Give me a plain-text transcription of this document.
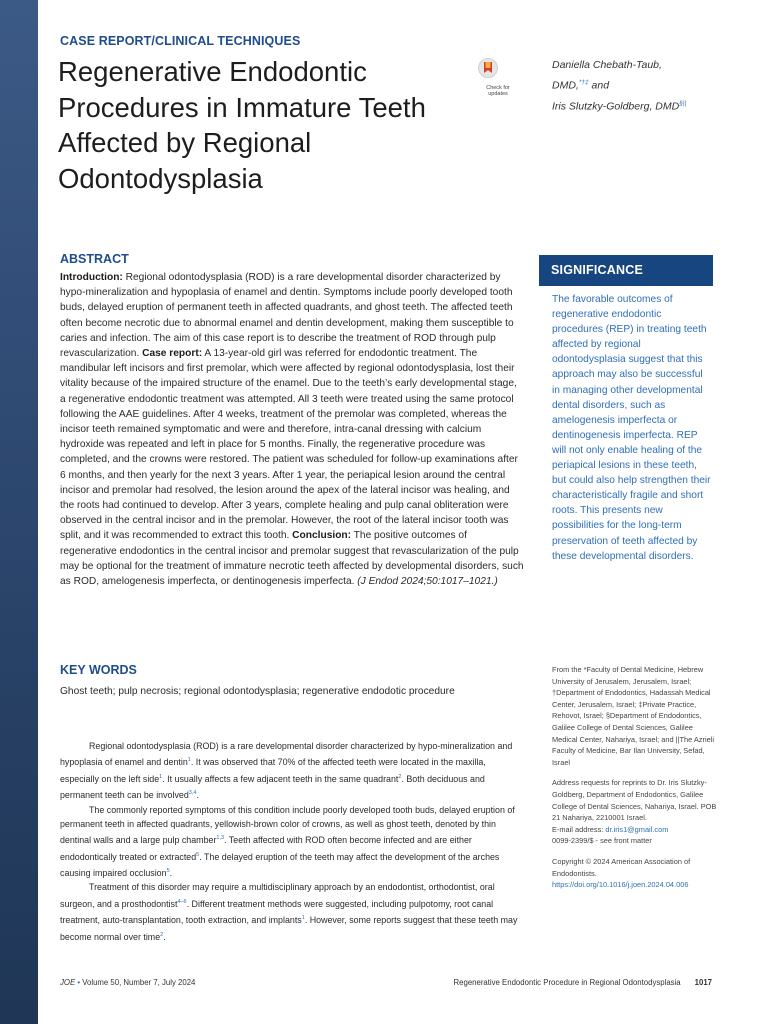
CASE REPORT/CLINICAL TECHNIQUES
Regenerative Endodontic Procedures in Immature Teeth Affected by Regional Odontodysplasia
Check for updates
Daniella Chebath-Taub,
DMD,*†‡ and
Iris Slutzky-Goldberg, DMD§||
ABSTRACT
Introduction: Regional odontodysplasia (ROD) is a rare developmental disorder characterized by hypo-mineralization and hypoplasia of enamel and dentin. Symptoms include poorly developed tooth buds, delayed eruption of permanent teeth in affected quadrants, and ghost teeth. The affected teeth often become necrotic due to abnormal enamel and dentin development, making them susceptible to caries and infection. The aim of this case report is to describe the treatment of ROD through pulp revascularization. Case report: A 13-year-old girl was referred for endodontic treatment. The mandibular left incisors and first premolar, which were affected by regional odontodysplasia, lost their vitality because of the impaired structure of the enamel. Due to the teeth’s early developmental stage, a regenerative endodontic treatment was attempted. All 3 teeth were treated using the same protocol following the AAE guidelines. After 4 weeks, treatment of the premolar was completed, whereas the incisor teeth remained symptomatic and were and therefore, intra-canal dressing with calcium hydroxide was repeated and left in place for 5 months. Finally, the regenerative procedure was completed, and the crowns were restored. The patient was scheduled for follow-up examinations after 6 months, and then yearly for the next 3 years. After 1 year, the periapical lesion around the central incisor and premolar had resolved, the lesion around the apex of the lateral incisor was healing, and the roots had continued to develop. After 3 years, complete healing and pulp canal obliteration were observed in the central incisor and in the premolar. However, the root of the lateral incisor tooth was split, and it was recommended to extract this tooth. Conclusion: The positive outcomes of regenerative endodontics in the central incisor and premolar suggest that revascularization of the pulp may be optional for the treatment of immature necrotic teeth affected by developmental disorders, such as ROD, amelogenesis imperfecta, or dentinogenesis imperfecta. (J Endod 2024;50:1017–1021.)
SIGNIFICANCE
The favorable outcomes of regenerative endodontic procedures (REP) in treating teeth affected by regional odontodysplasia suggest that this approach may also be successful in managing other developmental dental disorders, such as amelogenesis imperfecta or dentinogenesis imperfecta. REP will not only enable healing of the periapical lesions in these teeth, but could also help strengthen their characteristically fragile and short roots. This presents new possibilities for the long-term preservation of teeth affected by these developmental disorders.
KEY WORDS
Ghost teeth; pulp necrosis; regional odontodysplasia; regenerative endodotic procedure

Regional odontodysplasia (ROD) is a rare developmental disorder characterized by hypo-mineralization and hypoplasia of enamel and dentin$^1$. It was observed that 70% of the affected teeth were located in the maxilla, especially on the left side$^1$. It usually affects a few adjacent teeth in the same quadrant$^2$. Both deciduous and permanent teeth can be involved$^{3,4}$.

The commonly reported symptoms of this condition include poorly developed tooth buds, delayed eruption of permanent teeth in affected quadrants, yellowish-brown color of crowns, as well as ghost teeth, denoted by thin dentinal walls and a large pulp chamber$^{1,3}$. Teeth affected with ROD often become infected and are either endodontically treated or extracted$^5$. The delayed eruption of the teeth may affect the development of the arches causing impaired occlusion$^5$.

Treatment of this disorder may require a multidisciplinary approach by an endodontist, orthodontist, oral surgeon, and a prosthodontist$^{4-6}$. Different treatment methods were suggested, including pulpotomy, root canal treatment, auto-transplantation, tooth extraction, and implants$^1$. However, some reports suggest that these teeth may become normal over time$^2$.

From the *Faculty of Dental Medicine, Hebrew University of Jerusalem, Jerusalem, Israel; †Department of Endodontics, Hadassah Medical Center, Jerusalem, Israel; ‡Private Practice, Rehovot, Israel; §Department of Endodontics, Galilee College of Dental Sciences, Galilee Medical Center, Nahariya, Israel; and ||The Azrieli Faculty of Medicine, Bar Ilan University, Sefad, Israel
Address requests for reprints to Dr. Iris Slutzky-Goldberg, Department of Endodontics, Galilee College of Dental Sciences, Nahariya, Israel. POB 21 Nahariya, 2210001 Israel.
E-mail address: dr.iris1@gmail.com
0099-2399/$ - see front matter
Copyright © 2024 American Association of Endodontists.
https://doi.org/10.1016/j.joen.2024.04.006
JOE • Volume 50, Number 7, July 2024	Regenerative Endodontic Procedure in Regional Odontodysplasia 1017
